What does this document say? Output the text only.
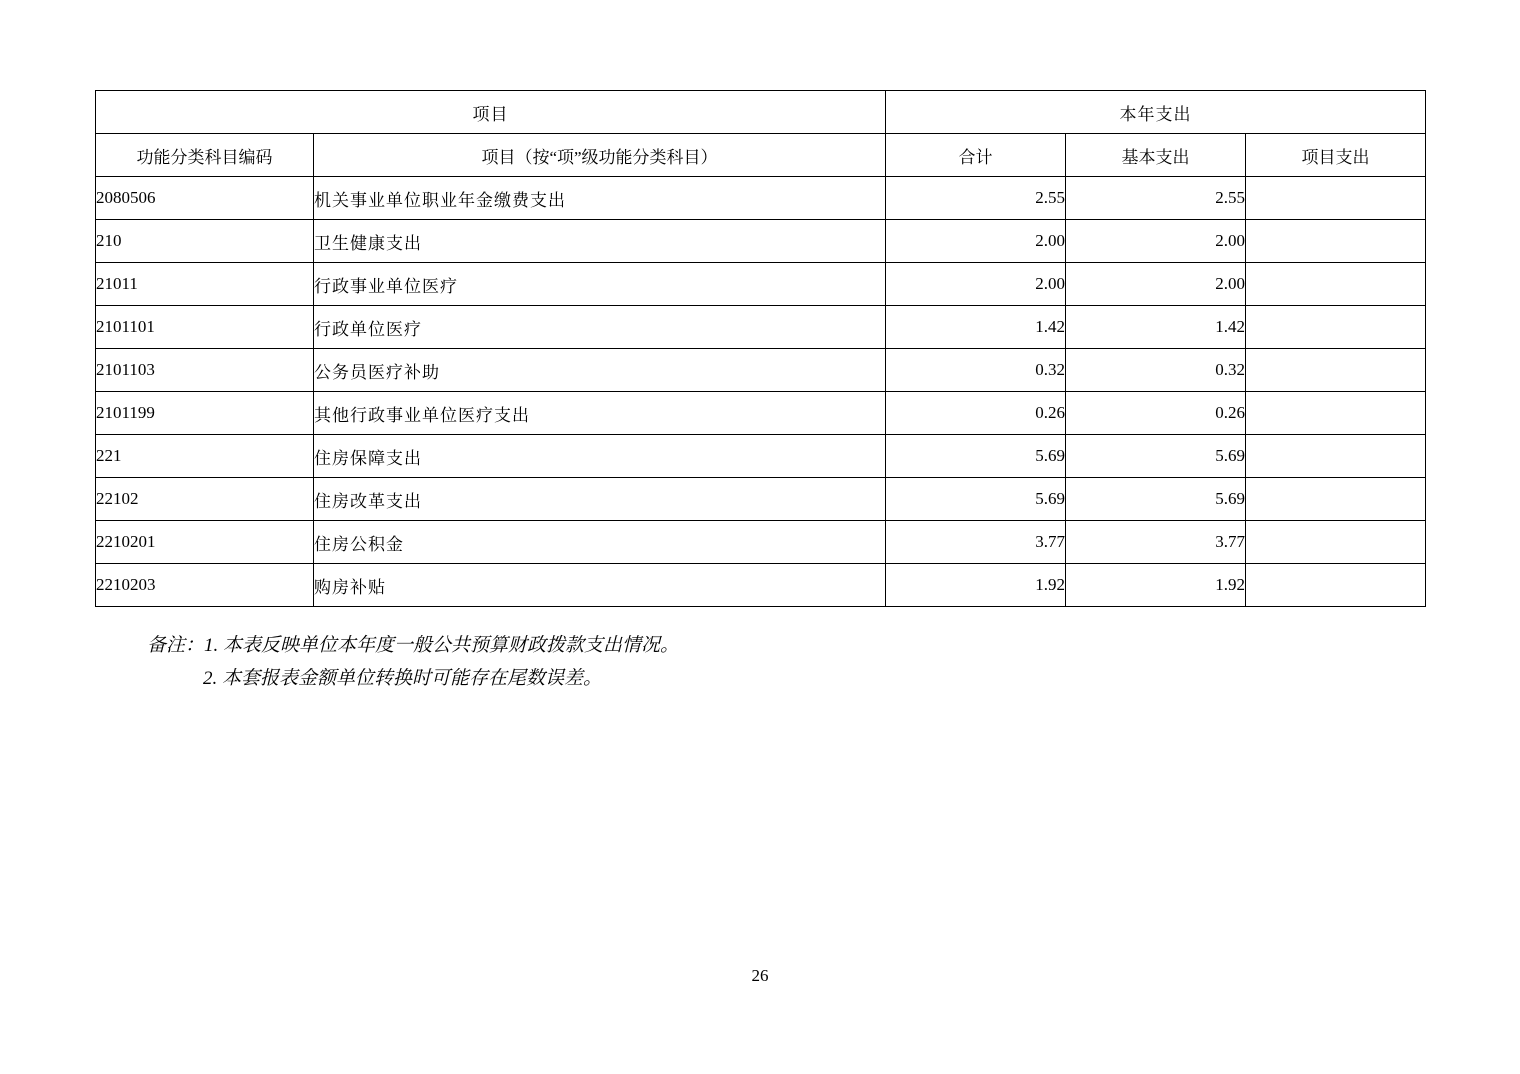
项目		本年支出		
功能分类科目编码	项目（按“项”级功能分类科目）	合计	基本支出	项目支出
2080506	机关事业单位职业年金缴费支出	2.55	2.55	
210	卫生健康支出	2.00	2.00	
21011	行政事业单位医疗	2.00	2.00	
2101101	行政单位医疗	1.42	1.42	
2101103	公务员医疗补助	0.32	0.32	
2101199	其他行政事业单位医疗支出	0.26	0.26	
221	住房保障支出	5.69	5.69	
22102	住房改革支出	5.69	5.69	
2210201	住房公积金	3.77	3.77	
2210203	购房补贴	1.92	1.92	
备注：1. 本表反映单位本年度一般公共预算财政拨款支出情况。
2. 本套报表金额单位转换时可能存在尾数误差。
26
